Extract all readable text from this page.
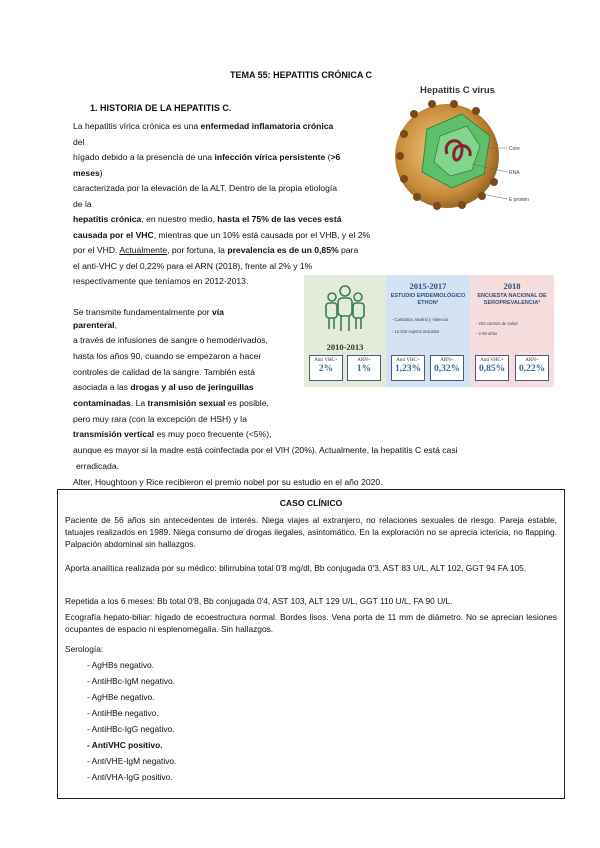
TEMA 55: HEPATITIS CRÓNICA C
1. HISTORIA DE LA HEPATITIS C.
La hepatitis vírica crónica es una enfermedad inflamatoria crónica
del
hígado debido a la presencia de una infección vírica persistente (>6
meses)
caracterizada por la elevación de la ALT. Dentro de la propia etiología
de la
hepatitis crónica, en nuestro medio, hasta el 75% de las veces está
causada por el VHC, mientras que un 10% está causada por el VHB, y el 2%
por el VHD. Actualmente, por fortuna, la prevalencia es de un 0,85% para
el anti-VHC y del 0,22% para el ARN (2018), frente al 2% y 1%
respectivamente que teníamos en 2012-2013.
Se transmite fundamentalmente por vía
parenteral,
a través de infusiones de sangre o hemoderivados,
hasta los años 90, cuando se empezaron a hacer
controles de calidad de la sangre. También está
asociada a las drogas y al uso de jeringuillas
contaminadas. La transmisión sexual es posible,
pero muy rara (con la excepción de HSH) y la
transmisión vertical es muy poco frecuente (<5%),
aunque es mayor si la madre está coinfectada por el VIH (20%). Actualmente, la hepatitis C está casi
erradicada.
Alter, Houghtoon y Rice recibieron el premio nobel por su estudio en el año 2020.
Hepatitis C virus
Core
RNA
E protein
2010-2013
Anti VHC+
2%
ARN+
1%
2015-2017
ESTUDIO EPIDEMIOLÓGICO ETHON¹
- Cantabria, Madrid y Valencia
- 12.515 sujetos incluidos
Anti VHC+
1,23%
ARN+
0,32%
2018
ENCUESTA NACIONAL DE SEROPREVALENCIA²
- 220 centros de salud
- 2-80 años
Anti VHC+
0,85%
ARN+
0,22%
CASO CLÍNICO
Paciente de 56 años sin antecedentes de interés. Niega viajes al extranjero, no relaciones sexuales de riesgo. Pareja estable, tatuajes realizados en 1989. Niega consumo de drogas ilegales, asintomático. En la exploración no se aprecia ictericia, no flapping. Palpación abdominal sin hallazgos.
Aporta analítica realizada por su médico: bilirrubina total 0'8 mg/dl, Bb conjugada 0'3, AST 83 U/L, ALT 102, GGT 94 FA 105.
Repetida a los 6 meses: Bb total 0'8, Bb conjugada 0'4, AST 103, ALT 129 U/L, GGT 110 U/L, FA 90 U/L.
Ecografía hepato-biliar: hígado de ecoestructura normal. Bordes lisos. Vena porta de 11 mm de diámetro. No se aprecian lesiones ocupantes de espacio ni esplenomegalia. Sin hallazgos.
Serología:
- AgHBs negativo.
- AntiHBc-IgM negativo.
- AgHBe negativo.
- AntiHBe negativo.
- AntiHBc-IgG negativo.
- AntiVHC positivo.
- AntiVHE-IgM negativo.
- AntiVHA-IgG positivo.
